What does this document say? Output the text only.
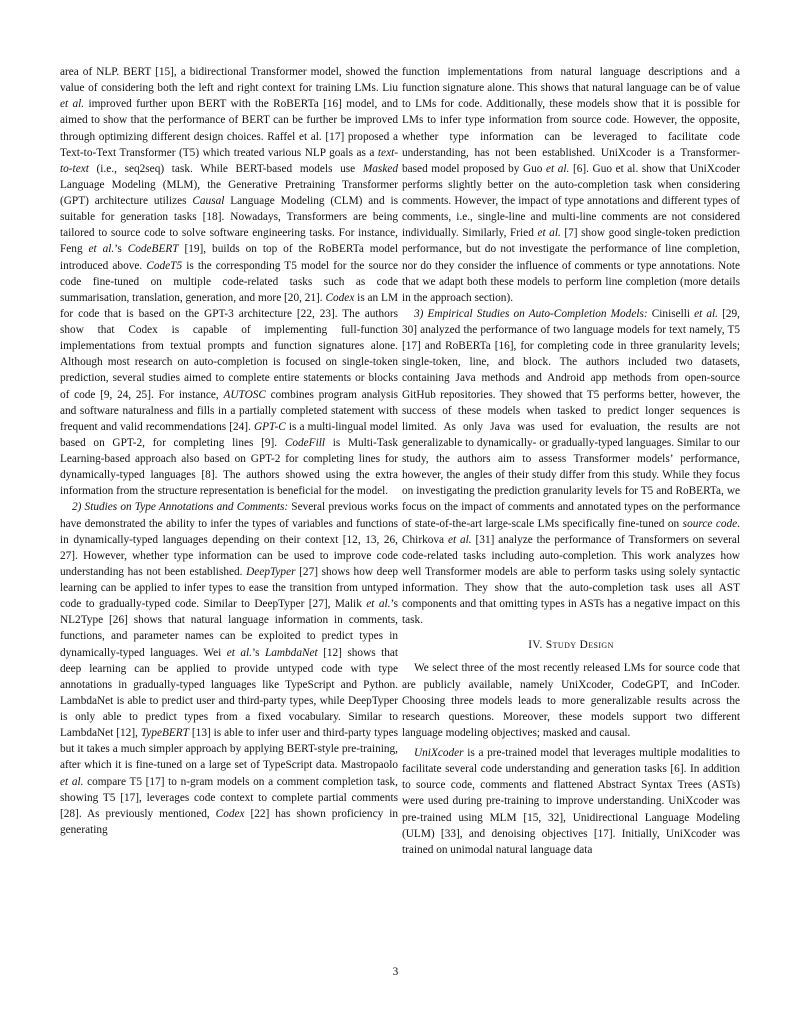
area of NLP. BERT [15], a bidirectional Transformer model, showed the value of considering both the left and right context for training LMs. Liu et al. improved further upon BERT with the RoBERTa [16] model, and aimed to show that the performance of BERT can be further be improved through optimizing different design choices. Raffel et al. [17] proposed a Text-to-Text Transformer (T5) which treated various NLP goals as a text-to-text (i.e., seq2seq) task. While BERT-based models use Masked Language Modeling (MLM), the Generative Pretraining Transformer (GPT) architecture utilizes Causal Language Modeling (CLM) and is suitable for generation tasks [18]. Nowadays, Transformers are being tailored to source code to solve software engineering tasks. For instance, Feng et al.’s CodeBERT [19], builds on top of the RoBERTa model introduced above. CodeT5 is the corresponding T5 model for the source code fine-tuned on multiple code-related tasks such as code summarisation, translation, generation, and more [20, 21]. Codex is an LM for code that is based on the GPT-3 architecture [22, 23]. The authors show that Codex is capable of implementing full-function implementations from textual prompts and function signatures alone. Although most research on auto-completion is focused on single-token prediction, several studies aimed to complete entire statements or blocks of code [9, 24, 25]. For instance, AUTOSC combines program analysis and software naturalness and fills in a partially completed statement with frequent and valid recommendations [24]. GPT-C is a multi-lingual model based on GPT-2, for completing lines [9]. CodeFill is Multi-Task Learning-based approach also based on GPT-2 for completing lines for dynamically-typed languages [8]. The authors showed using the extra information from the structure representation is beneficial for the model.

2) Studies on Type Annotations and Comments: Several previous works have demonstrated the ability to infer the types of variables and functions in dynamically-typed languages depending on their context [12, 13, 26, 27]. However, whether type information can be used to improve code understanding has not been established. DeepTyper [27] shows how deep learning can be applied to infer types to ease the transition from untyped code to gradually-typed code. Similar to DeepTyper [27], Malik et al.’s NL2Type [26] shows that natural language information in comments, functions, and parameter names can be exploited to predict types in dynamically-typed languages. Wei et al.’s LambdaNet [12] shows that deep learning can be applied to provide untyped code with type annotations in gradually-typed languages like TypeScript and Python. LambdaNet is able to predict user and third-party types, while DeepTyper is only able to predict types from a fixed vocabulary. Similar to LambdaNet [12], TypeBERT [13] is able to infer user and third-party types but it takes a much simpler approach by applying BERT-style pre-training, after which it is fine-tuned on a large set of TypeScript data. Mastropaolo et al. compare T5 [17] to n-gram models on a comment completion task, showing T5 [17], leverages code context to complete partial comments [28]. As previously mentioned, Codex [22] has shown proficiency in generating

function implementations from natural language descriptions and a function signature alone. This shows that natural language can be of value to LMs for code. Additionally, these models show that it is possible for LMs to infer type information from source code. However, the opposite, whether type information can be leveraged to facilitate code understanding, has not been established. UniXcoder is a Transformer-based model proposed by Guo et al. [6]. Guo et al. show that UniXcoder performs slightly better on the auto-completion task when considering comments. However, the impact of type annotations and different types of comments, i.e., single-line and multi-line comments are not considered individually. Similarly, Fried et al. [7] show good single-token prediction performance, but do not investigate the performance of line completion, nor do they consider the influence of comments or type annotations. Note that we adapt both these models to perform line completion (more details in the approach section).

3) Empirical Studies on Auto-Completion Models: Ciniselli et al. [29, 30] analyzed the performance of two language models for text namely, T5 [17] and RoBERTa [16], for completing code in three granularity levels; single-token, line, and block. The authors included two datasets, containing Java methods and Android app methods from open-source GitHub repositories. They showed that T5 performs better, however, the success of these models when tasked to predict longer sequences is limited. As only Java was used for evaluation, the results are not generalizable to dynamically- or gradually-typed languages. Similar to our study, the authors aim to assess Transformer models’ performance, however, the angles of their study differ from this study. While they focus on investigating the prediction granularity levels for T5 and RoBERTa, we focus on the impact of comments and annotated types on the performance of state-of-the-art large-scale LMs specifically fine-tuned on source code. Chirkova et al. [31] analyze the performance of Transformers on several code-related tasks including auto-completion. This work analyzes how well Transformer models are able to perform tasks using solely syntactic information. They show that the auto-completion task uses all AST components and that omitting types in ASTs has a negative impact on this task.

IV. Study Design

We select three of the most recently released LMs for source code that are publicly available, namely UniXcoder, CodeGPT, and InCoder. Choosing three models leads to more generalizable results across the research questions. Moreover, these models support two different language modeling objectives; masked and causal.

UniXcoder is a pre-trained model that leverages multiple modalities to facilitate several code understanding and generation tasks [6]. In addition to source code, comments and flattened Abstract Syntax Trees (ASTs) were used during pre-training to improve understanding. UniXcoder was pre-trained using MLM [15, 32], Unidirectional Language Modeling (ULM) [33], and denoising objectives [17]. Initially, UniXcoder was trained on unimodal natural language data

3
